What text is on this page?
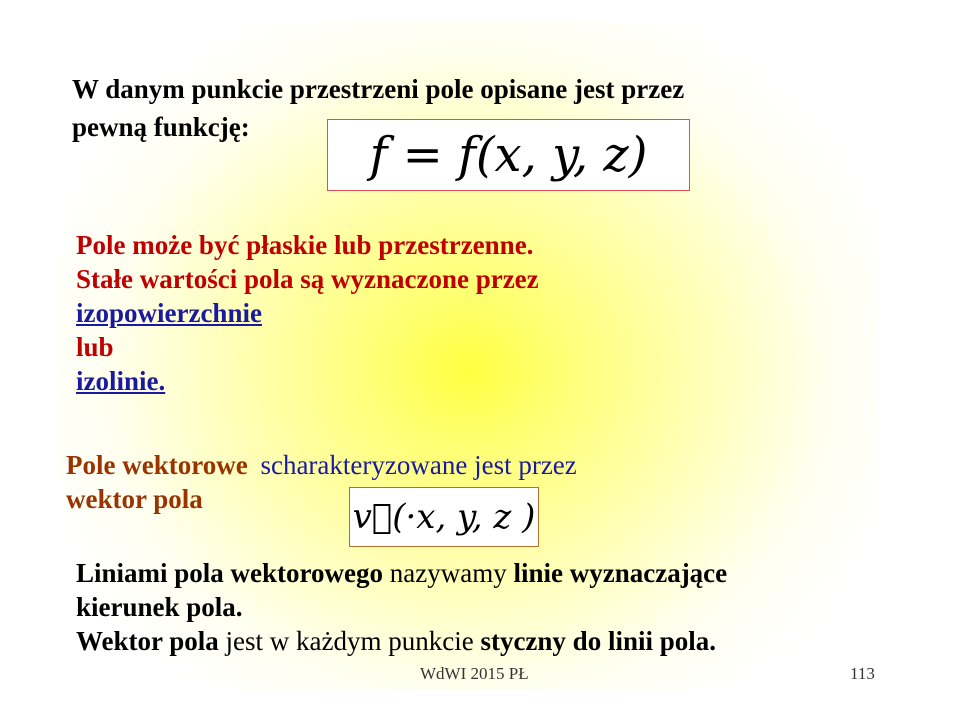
W danym punkcie przestrzeni pole opisane jest przez
pewną funkcję:	f = f(x, y, z)
Pole może być płaskie lub przestrzenne.
Stałe wartości pola są wyznaczone przez
izopowierzchnie
lub
izolinie.
Pole wektorowe scharakteryzowane jest przez
wektor pola	v⃗(·x, y, z )
Liniami pola wektorowego nazywamy linie wyznaczające
kierunek pola.
Wektor pola jest w każdym punkcie styczny do linii pola.
WdWI 2015 PŁ	113
